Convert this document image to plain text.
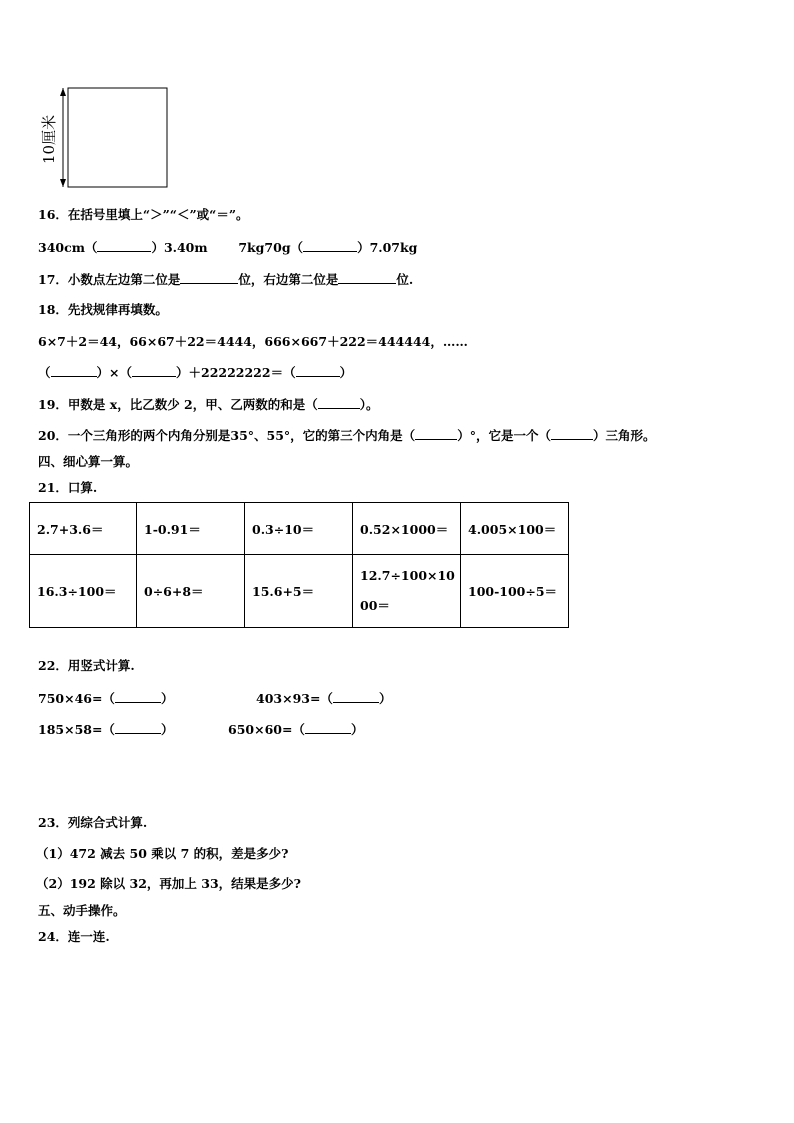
10厘米
16．在括号里填上“＞”“＜”或“＝”。
340cm（	）3.40m 7kg70g（	）7.07kg
17．小数点左边第二位是	位，右边第二位是	位.
18．先找规律再填数。
6×7＋2＝44，66×67＋22＝4444，666×667＋222＝444444，……
（	）×（	）＋22222222＝（	）
19．甲数是 x，比乙数少 2，甲、乙两数的和是（	）。
20．一个三角形的两个内角分别是35°、55°，它的第三个内角是（	）°，它是一个（	）三角形。
四、细心算一算。
21．口算.
2.7+3.6＝	1-0.91＝	0.3÷10＝	0.52×1000＝	4.005×100＝
16.3÷100＝	0÷6+8＝	15.6+5＝	12.7÷100×1000＝	100-100÷5＝
22．用竖式计算.
750×46=（	）	403×93=（	）
185×58=（	）	650×60=（	）
23．列综合式计算.
（1）472 减去 50 乘以 7 的积，差是多少?
（2）192 除以 32，再加上 33，结果是多少?
五、动手操作。
24．连一连.
